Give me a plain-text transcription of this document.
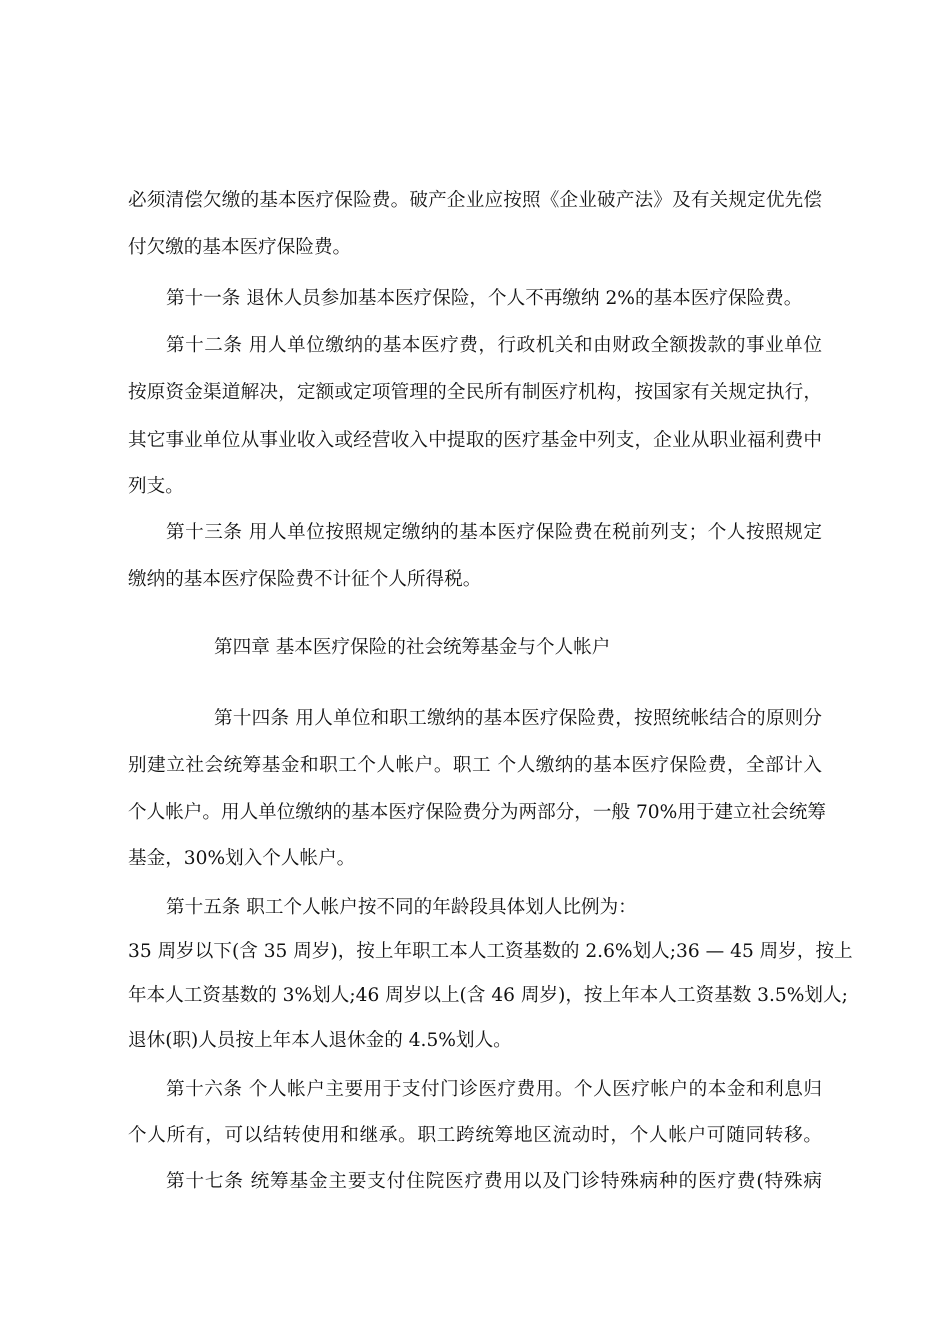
必须清偿欠缴的基本医疗保险费。破产企业应按照《企业破产法》及有关规定优先偿
付欠缴的基本医疗保险费。
第十一条 退休人员参加基本医疗保险，个人不再缴纳 2%的基本医疗保险费。
第十二条 用人单位缴纳的基本医疗费，行政机关和由财政全额拨款的事业单位
按原资金渠道解决，定额或定项管理的全民所有制医疗机构，按国家有关规定执行，
其它事业单位从事业收入或经营收入中提取的医疗基金中列支，企业从职业福利费中
列支。
第十三条 用人单位按照规定缴纳的基本医疗保险费在税前列支；个人按照规定
缴纳的基本医疗保险费不计征个人所得税。
第四章 基本医疗保险的社会统筹基金与个人帐户
第十四条 用人单位和职工缴纳的基本医疗保险费，按照统帐结合的原则分
别建立社会统筹基金和职工个人帐户。职工 个人缴纳的基本医疗保险费，全部计入
个人帐户。用人单位缴纳的基本医疗保险费分为两部分，一般 70%用于建立社会统筹
基金，30%划入个人帐户。
第十五条 职工个人帐户按不同的年龄段具体划人比例为：
35 周岁以下(含 35 周岁)，按上年职工本人工资基数的 2.6%划人;36 — 45 周岁，按上
年本人工资基数的 3%划人;46 周岁以上(含 46 周岁)，按上年本人工资基数 3.5%划人;
退休(职)人员按上年本人退休金的 4.5%划人。
第十六条 个人帐户主要用于支付门诊医疗费用。个人医疗帐户的本金和利息归
个人所有，可以结转使用和继承。职工跨统筹地区流动时，个人帐户可随同转移。
第十七条 统筹基金主要支付住院医疗费用以及门诊特殊病种的医疗费(特殊病
